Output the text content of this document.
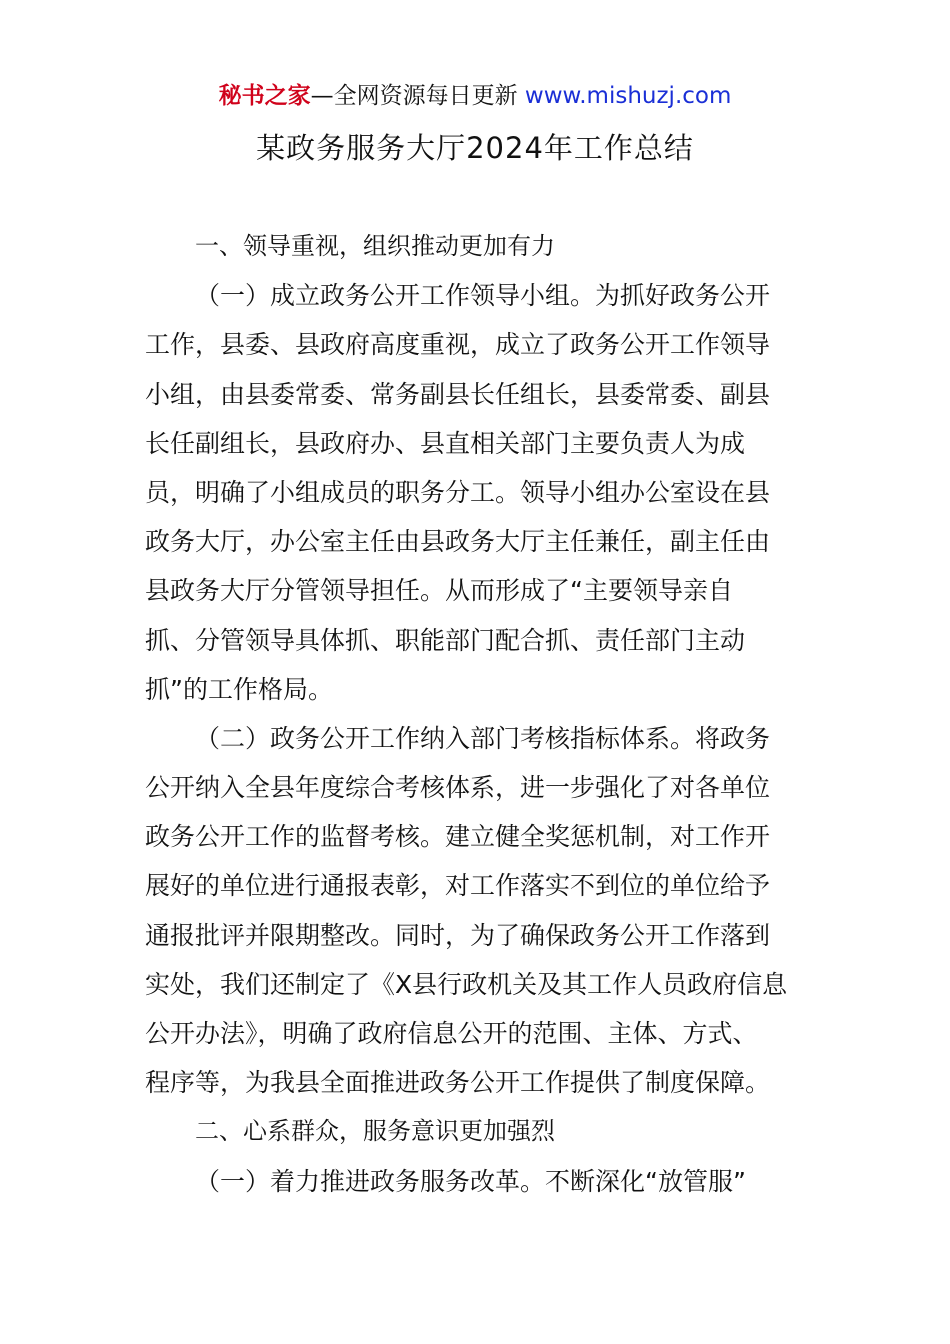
秘书之家—全网资源每日更新 www.mishuzj.com
某政务服务大厅2024年工作总结
一、领导重视，组织推动更加有力
（一）成立政务公开工作领导小组。为抓好政务公开
工作，县委、县政府高度重视，成立了政务公开工作领导
小组，由县委常委、常务副县长任组长，县委常委、副县
长任副组长，县政府办、县直相关部门主要负责人为成
员，明确了小组成员的职务分工。领导小组办公室设在县
政务大厅，办公室主任由县政务大厅主任兼任，副主任由
县政务大厅分管领导担任。从而形成了“主要领导亲自
抓、分管领导具体抓、职能部门配合抓、责任部门主动
抓”的工作格局。
（二）政务公开工作纳入部门考核指标体系。将政务
公开纳入全县年度综合考核体系，进一步强化了对各单位
政务公开工作的监督考核。建立健全奖惩机制，对工作开
展好的单位进行通报表彰，对工作落实不到位的单位给予
通报批评并限期整改。同时，为了确保政务公开工作落到
实处，我们还制定了《X县行政机关及其工作人员政府信息
公开办法》，明确了政府信息公开的范围、主体、方式、
程序等，为我县全面推进政务公开工作提供了制度保障。
二、心系群众，服务意识更加强烈
（一）着力推进政务服务改革。不断深化“放管服”
